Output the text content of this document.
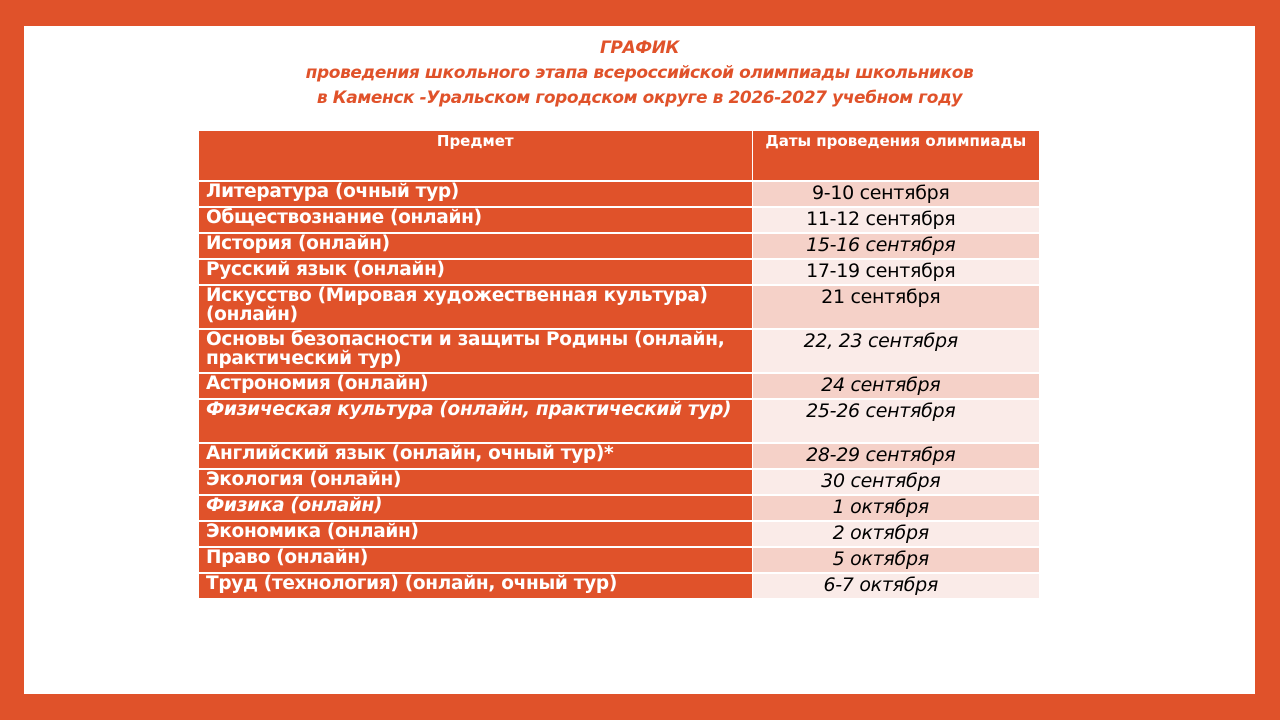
ГРАФИК
проведения школьного этапа всероссийской олимпиады школьников
в Каменск -Уральском городском округе в 2026-2027 учебном году
Предмет	Даты проведения олимпиады
Литература (очный тур)	9-10 сентября
Обществознание (онлайн)	11-12 сентября
История (онлайн)	15-16 сентября
Русский язык (онлайн)	17-19 сентября
Искусство (Мировая художественная культура) (онлайн)	21 сентября
Основы безопасности и защиты Родины (онлайн, практический тур)	22, 23 сентября
Астрономия (онлайн)	24 сентября
Физическая культура (онлайн, практический тур)	25-26 сентября
Английский язык (онлайн, очный тур)*	28-29 сентября
Экология (онлайн)	30 сентября
Физика (онлайн)	1 октября
Экономика (онлайн)	2 октября
Право (онлайн)	5 октября
Труд (технология) (онлайн, очный тур)	6-7 октября
